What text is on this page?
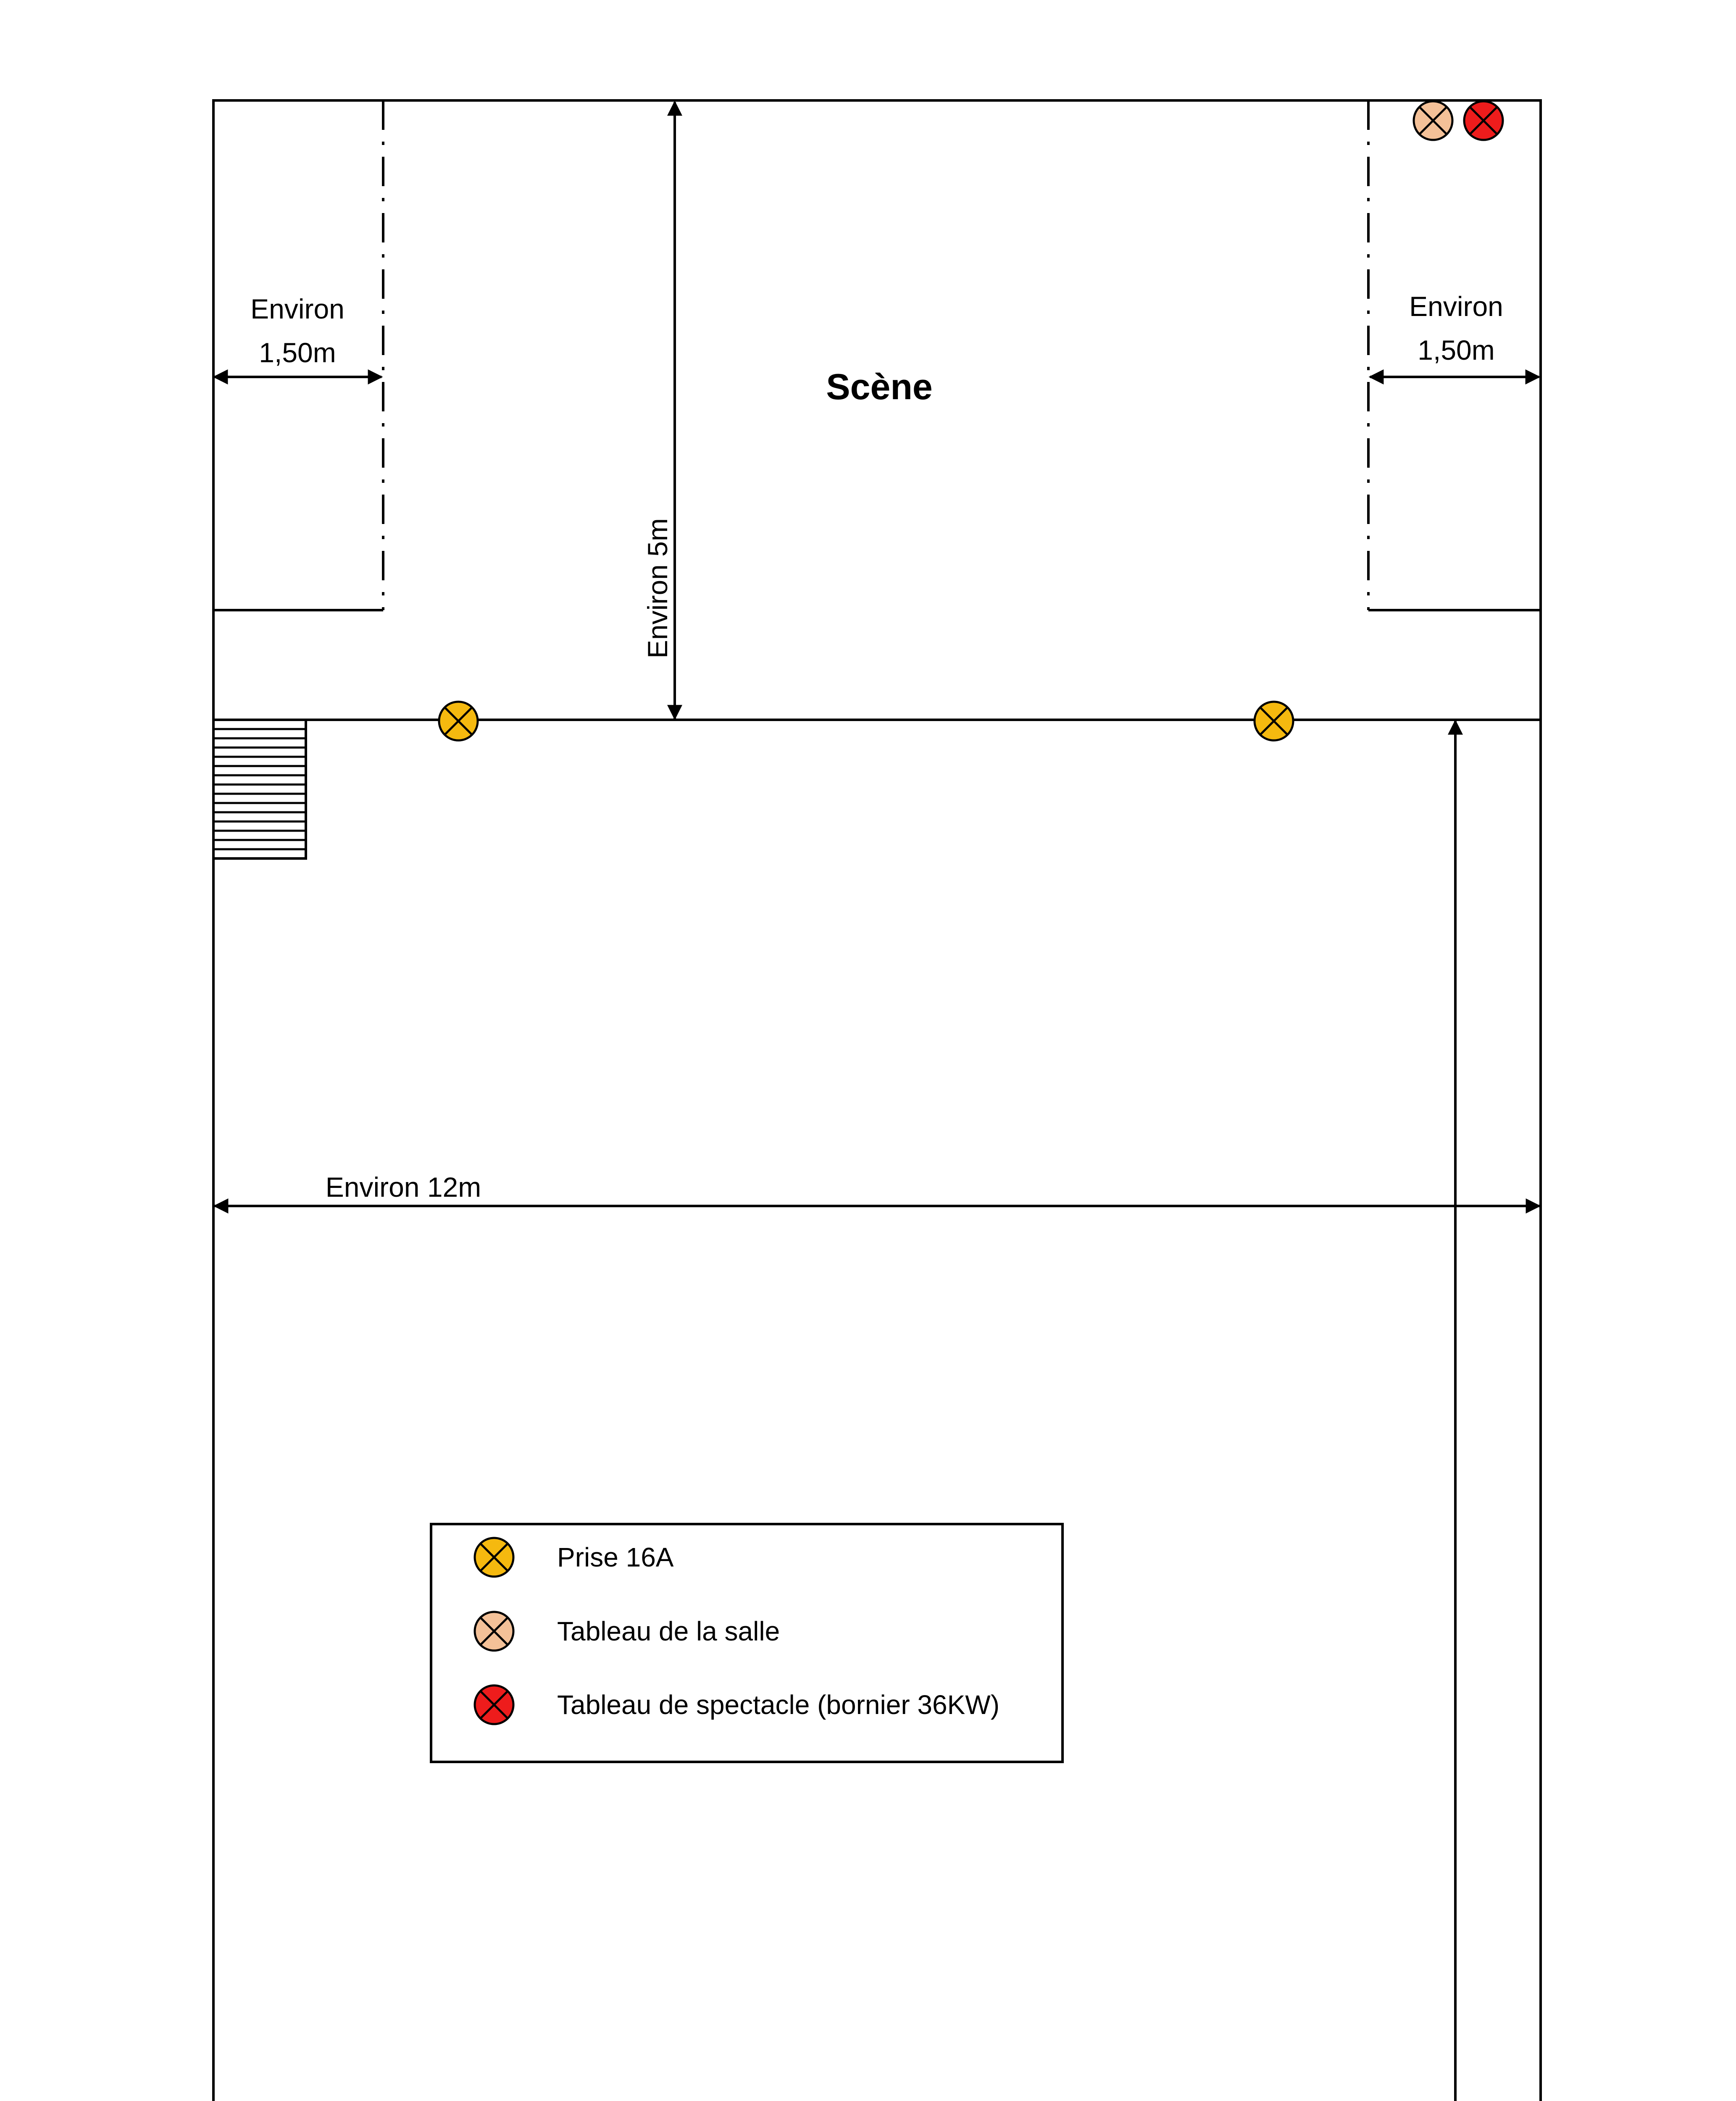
Scène
Environ
1,50m
Environ
1,50m
Environ 5m
Environ 12m
Prise 16A
Tableau de la salle
Tableau de spectacle (bornier 36KW)
